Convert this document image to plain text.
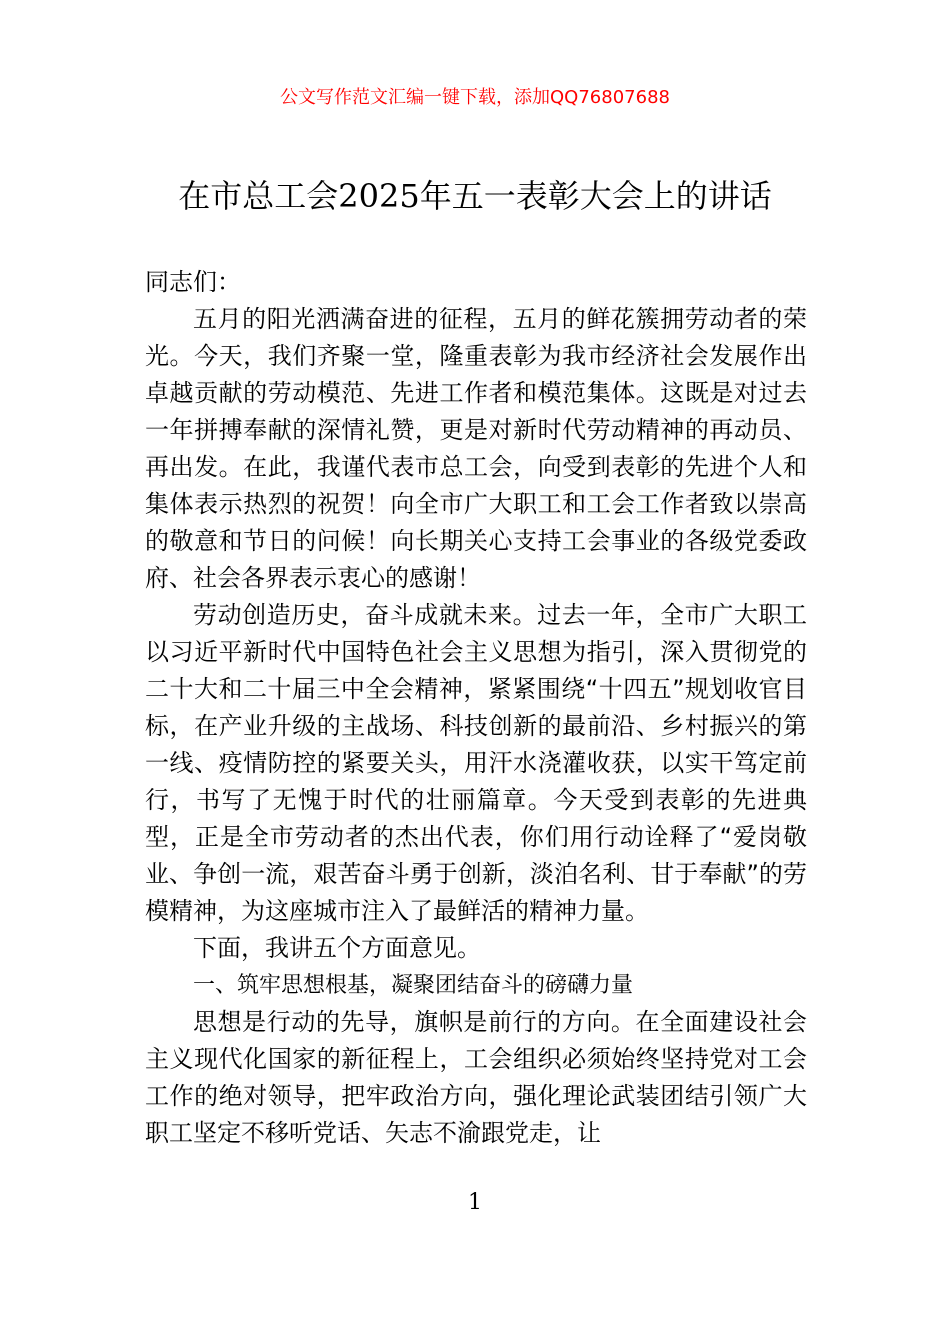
公文写作范文汇编一键下载，添加QQ76807688
在市总工会2025年五一表彰大会上的讲话

同志们：

五月的阳光洒满奋进的征程，五月的鲜花簇拥劳动者的荣光。今天，我们齐聚一堂，隆重表彰为我市经济社会发展作出卓越贡献的劳动模范、先进工作者和模范集体。这既是对过去一年拼搏奉献的深情礼赞，更是对新时代劳动精神的再动员、再出发。在此，我谨代表市总工会，向受到表彰的先进个人和集体表示热烈的祝贺！向全市广大职工和工会工作者致以崇高的敬意和节日的问候！向长期关心支持工会事业的各级党委政府、社会各界表示衷心的感谢！

劳动创造历史，奋斗成就未来。过去一年，全市广大职工以习近平新时代中国特色社会主义思想为指引，深入贯彻党的二十大和二十届三中全会精神，紧紧围绕“十四五”规划收官目标，在产业升级的主战场、科技创新的最前沿、乡村振兴的第一线、疫情防控的紧要关头，用汗水浇灌收获，以实干笃定前行，书写了无愧于时代的壮丽篇章。今天受到表彰的先进典型，正是全市劳动者的杰出代表，你们用行动诠释了“爱岗敬业、争创一流，艰苦奋斗勇于创新，淡泊名利、甘于奉献”的劳模精神，为这座城市注入了最鲜活的精神力量。

下面，我讲五个方面意见。

一、筑牢思想根基，凝聚团结奋斗的磅礴力量

思想是行动的先导，旗帜是前行的方向。在全面建设社会主义现代化国家的新征程上，工会组织必须始终坚持党对工会工作的绝对领导，把牢政治方向，强化理论武装团结引领广大职工坚定不移听党话、矢志不渝跟党走，让

1
